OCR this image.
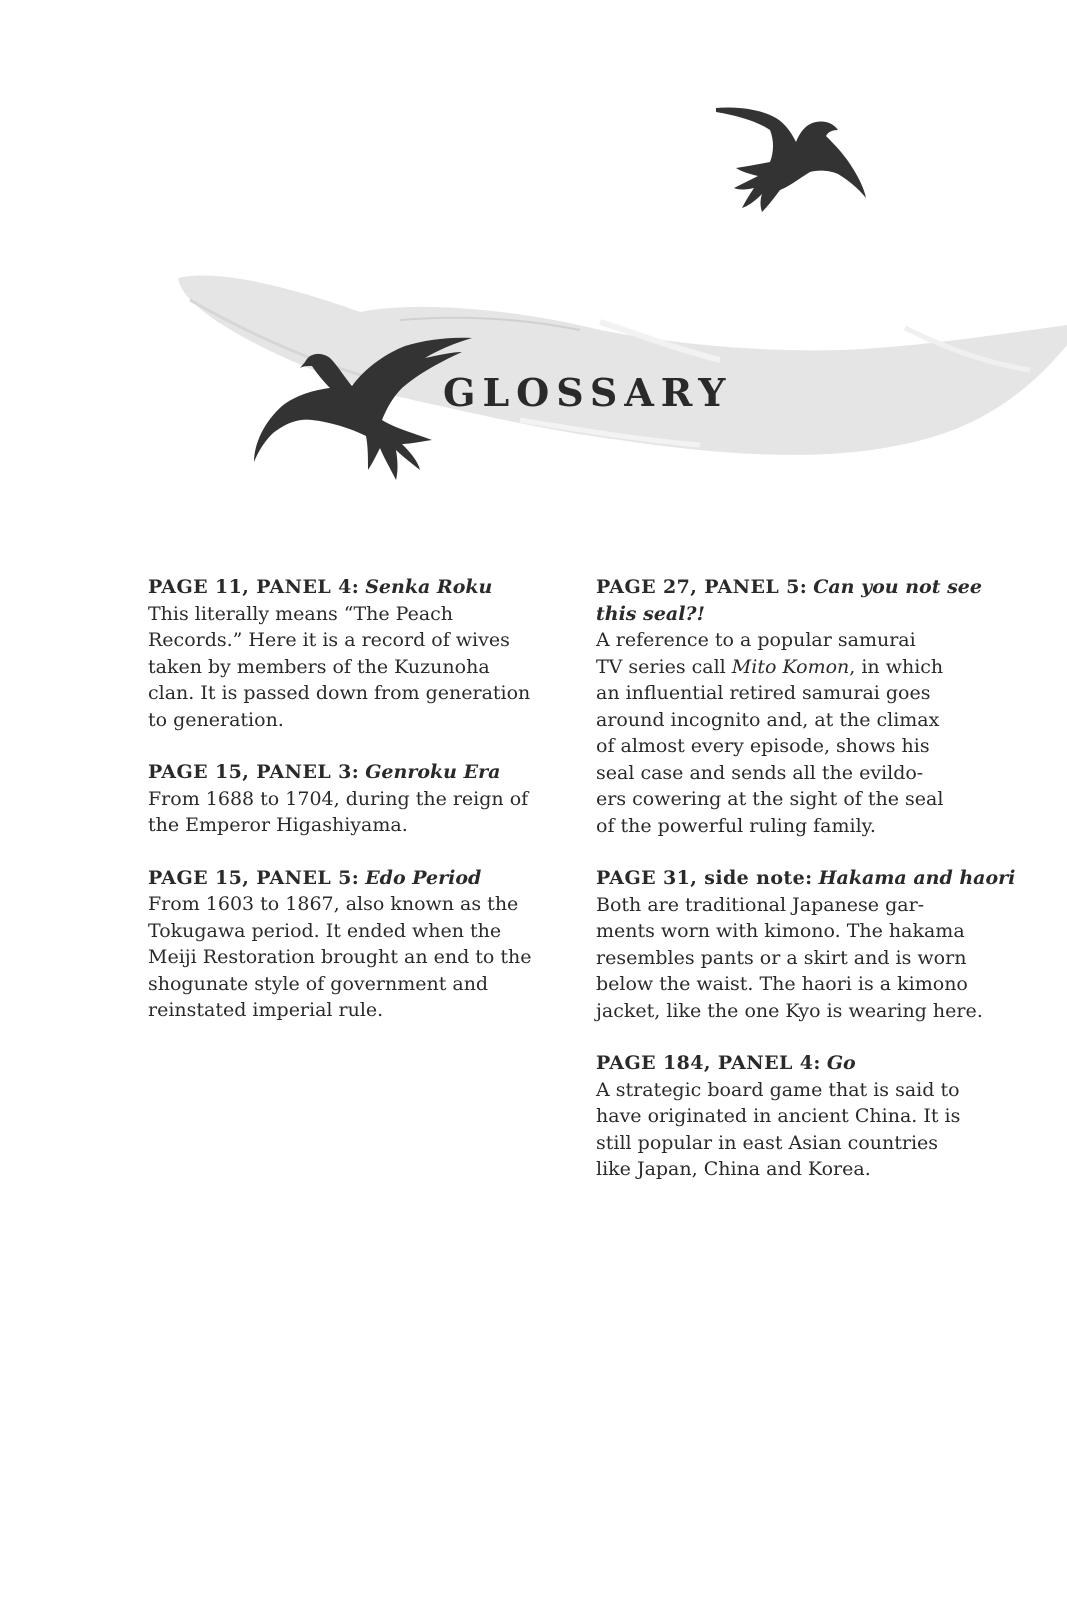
GLOSSARY
PAGE 11, PANEL 4: Senka Roku
This literally means “The Peach
Records.” Here it is a record of wives
taken by members of the Kuzunoha
clan. It is passed down from generation
to generation.
PAGE 15, PANEL 3: Genroku Era
From 1688 to 1704, during the reign of
the Emperor Higashiyama.
PAGE 15, PANEL 5: Edo Period
From 1603 to 1867, also known as the
Tokugawa period. It ended when the
Meiji Restoration brought an end to the
shogunate style of government and
reinstated imperial rule.
PAGE 27, PANEL 5: Can you not see this seal?!
A reference to a popular samurai
TV series call Mito Komon, in which
an influential retired samurai goes
around incognito and, at the climax
of almost every episode, shows his
seal case and sends all the evildo-
ers cowering at the sight of the seal
of the powerful ruling family.
PAGE 31, side note: Hakama and haori
Both are traditional Japanese gar-
ments worn with kimono. The hakama
resembles pants or a skirt and is worn
below the waist. The haori is a kimono
jacket, like the one Kyo is wearing here.
PAGE 184, PANEL 4: Go
A strategic board game that is said to
have originated in ancient China. It is
still popular in east Asian countries
like Japan, China and Korea.
